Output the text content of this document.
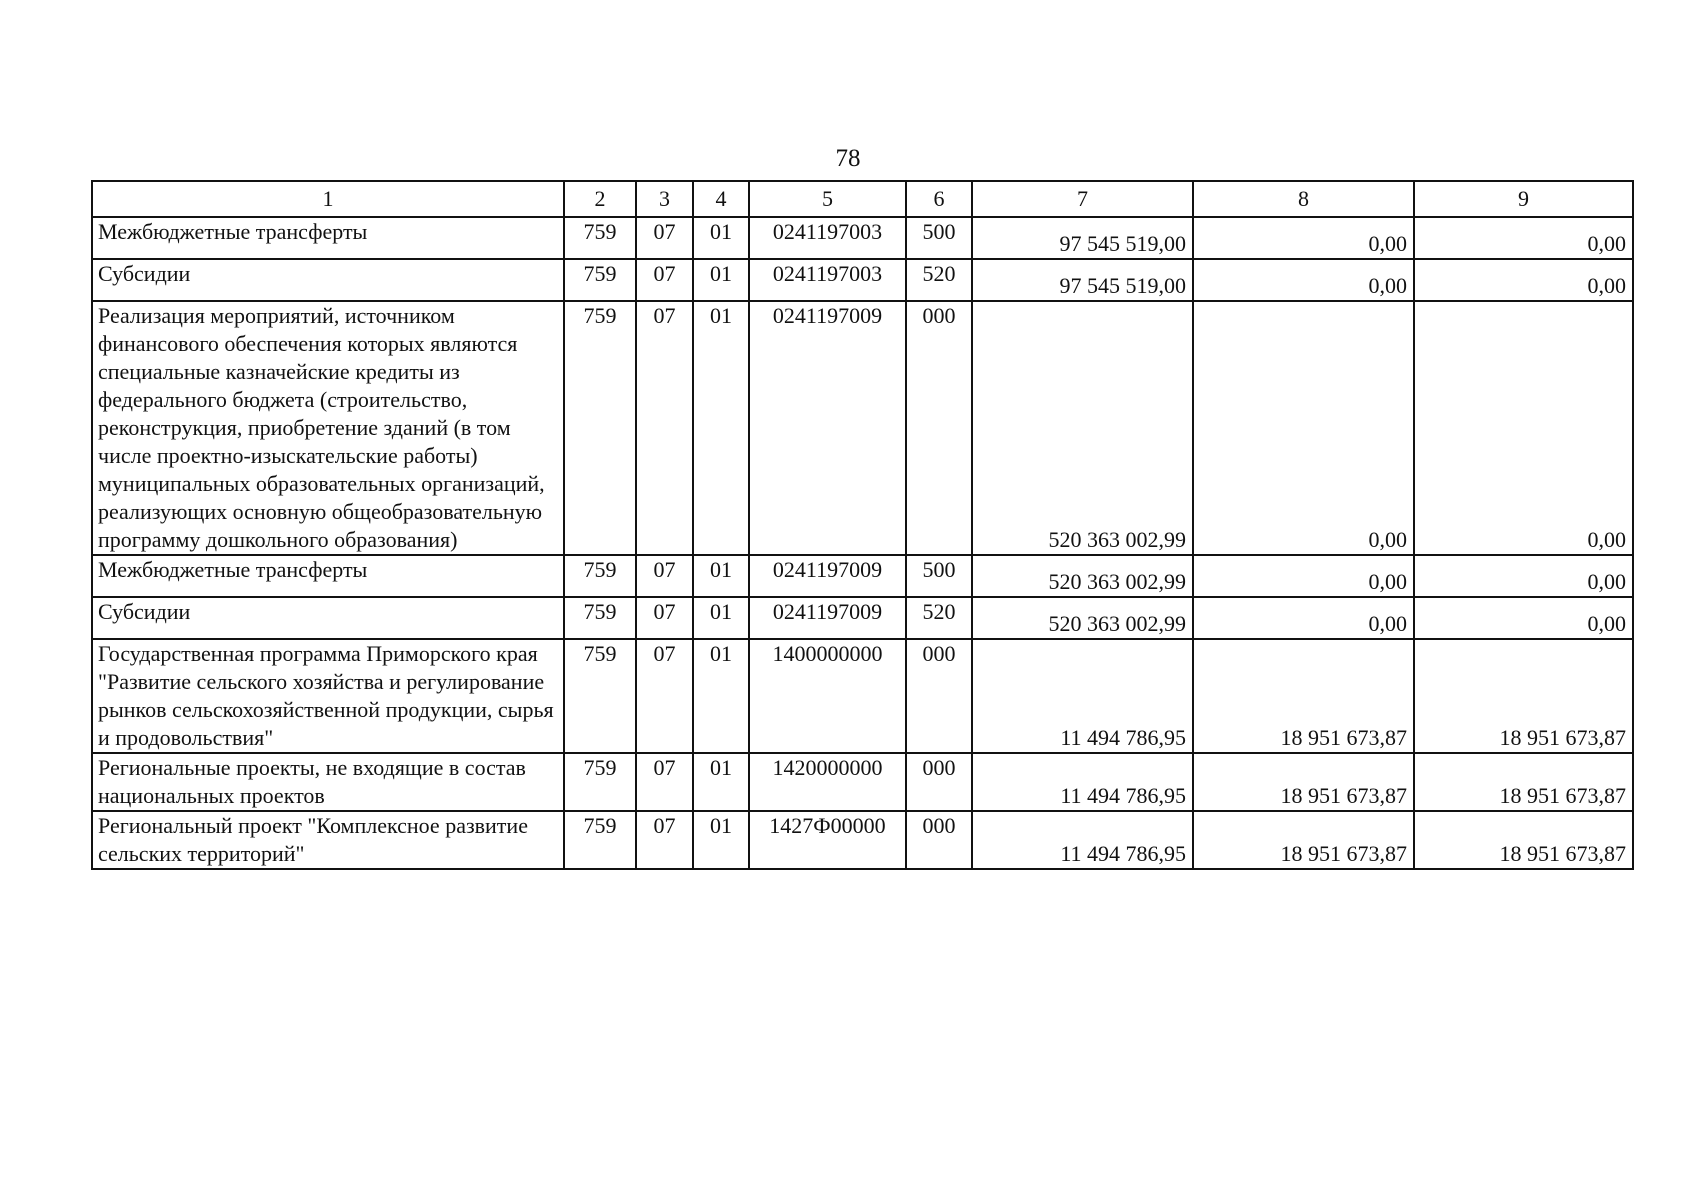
78
1	2	3	4	5	6	7	8	9
Межбюджетные трансферты	759	07	01	0241197003	500	97 545 519,00	0,00	0,00
Субсидии	759	07	01	0241197003	520	97 545 519,00	0,00	0,00
Реализация мероприятий, источником финансового обеспечения которых являются специальные казначейские кредиты из федерального бюджета (строительство, реконструкция, приобретение зданий (в том числе проектно-изыскательские работы) муниципальных образовательных организаций, реализующих основную общеобразовательную программу дошкольного образования)	759	07	01	0241197009	000	520 363 002,99	0,00	0,00
Межбюджетные трансферты	759	07	01	0241197009	500	520 363 002,99	0,00	0,00
Субсидии	759	07	01	0241197009	520	520 363 002,99	0,00	0,00
Государственная программа Приморского края "Развитие сельского хозяйства и регулирование рынков сельскохозяйственной продукции, сырья и продовольствия"	759	07	01	1400000000	000	11 494 786,95	18 951 673,87	18 951 673,87
Региональные проекты, не входящие в состав национальных проектов	759	07	01	1420000000	000	11 494 786,95	18 951 673,87	18 951 673,87
Региональный проект "Комплексное развитие сельских территорий"	759	07	01	1427Ф00000	000	11 494 786,95	18 951 673,87	18 951 673,87
